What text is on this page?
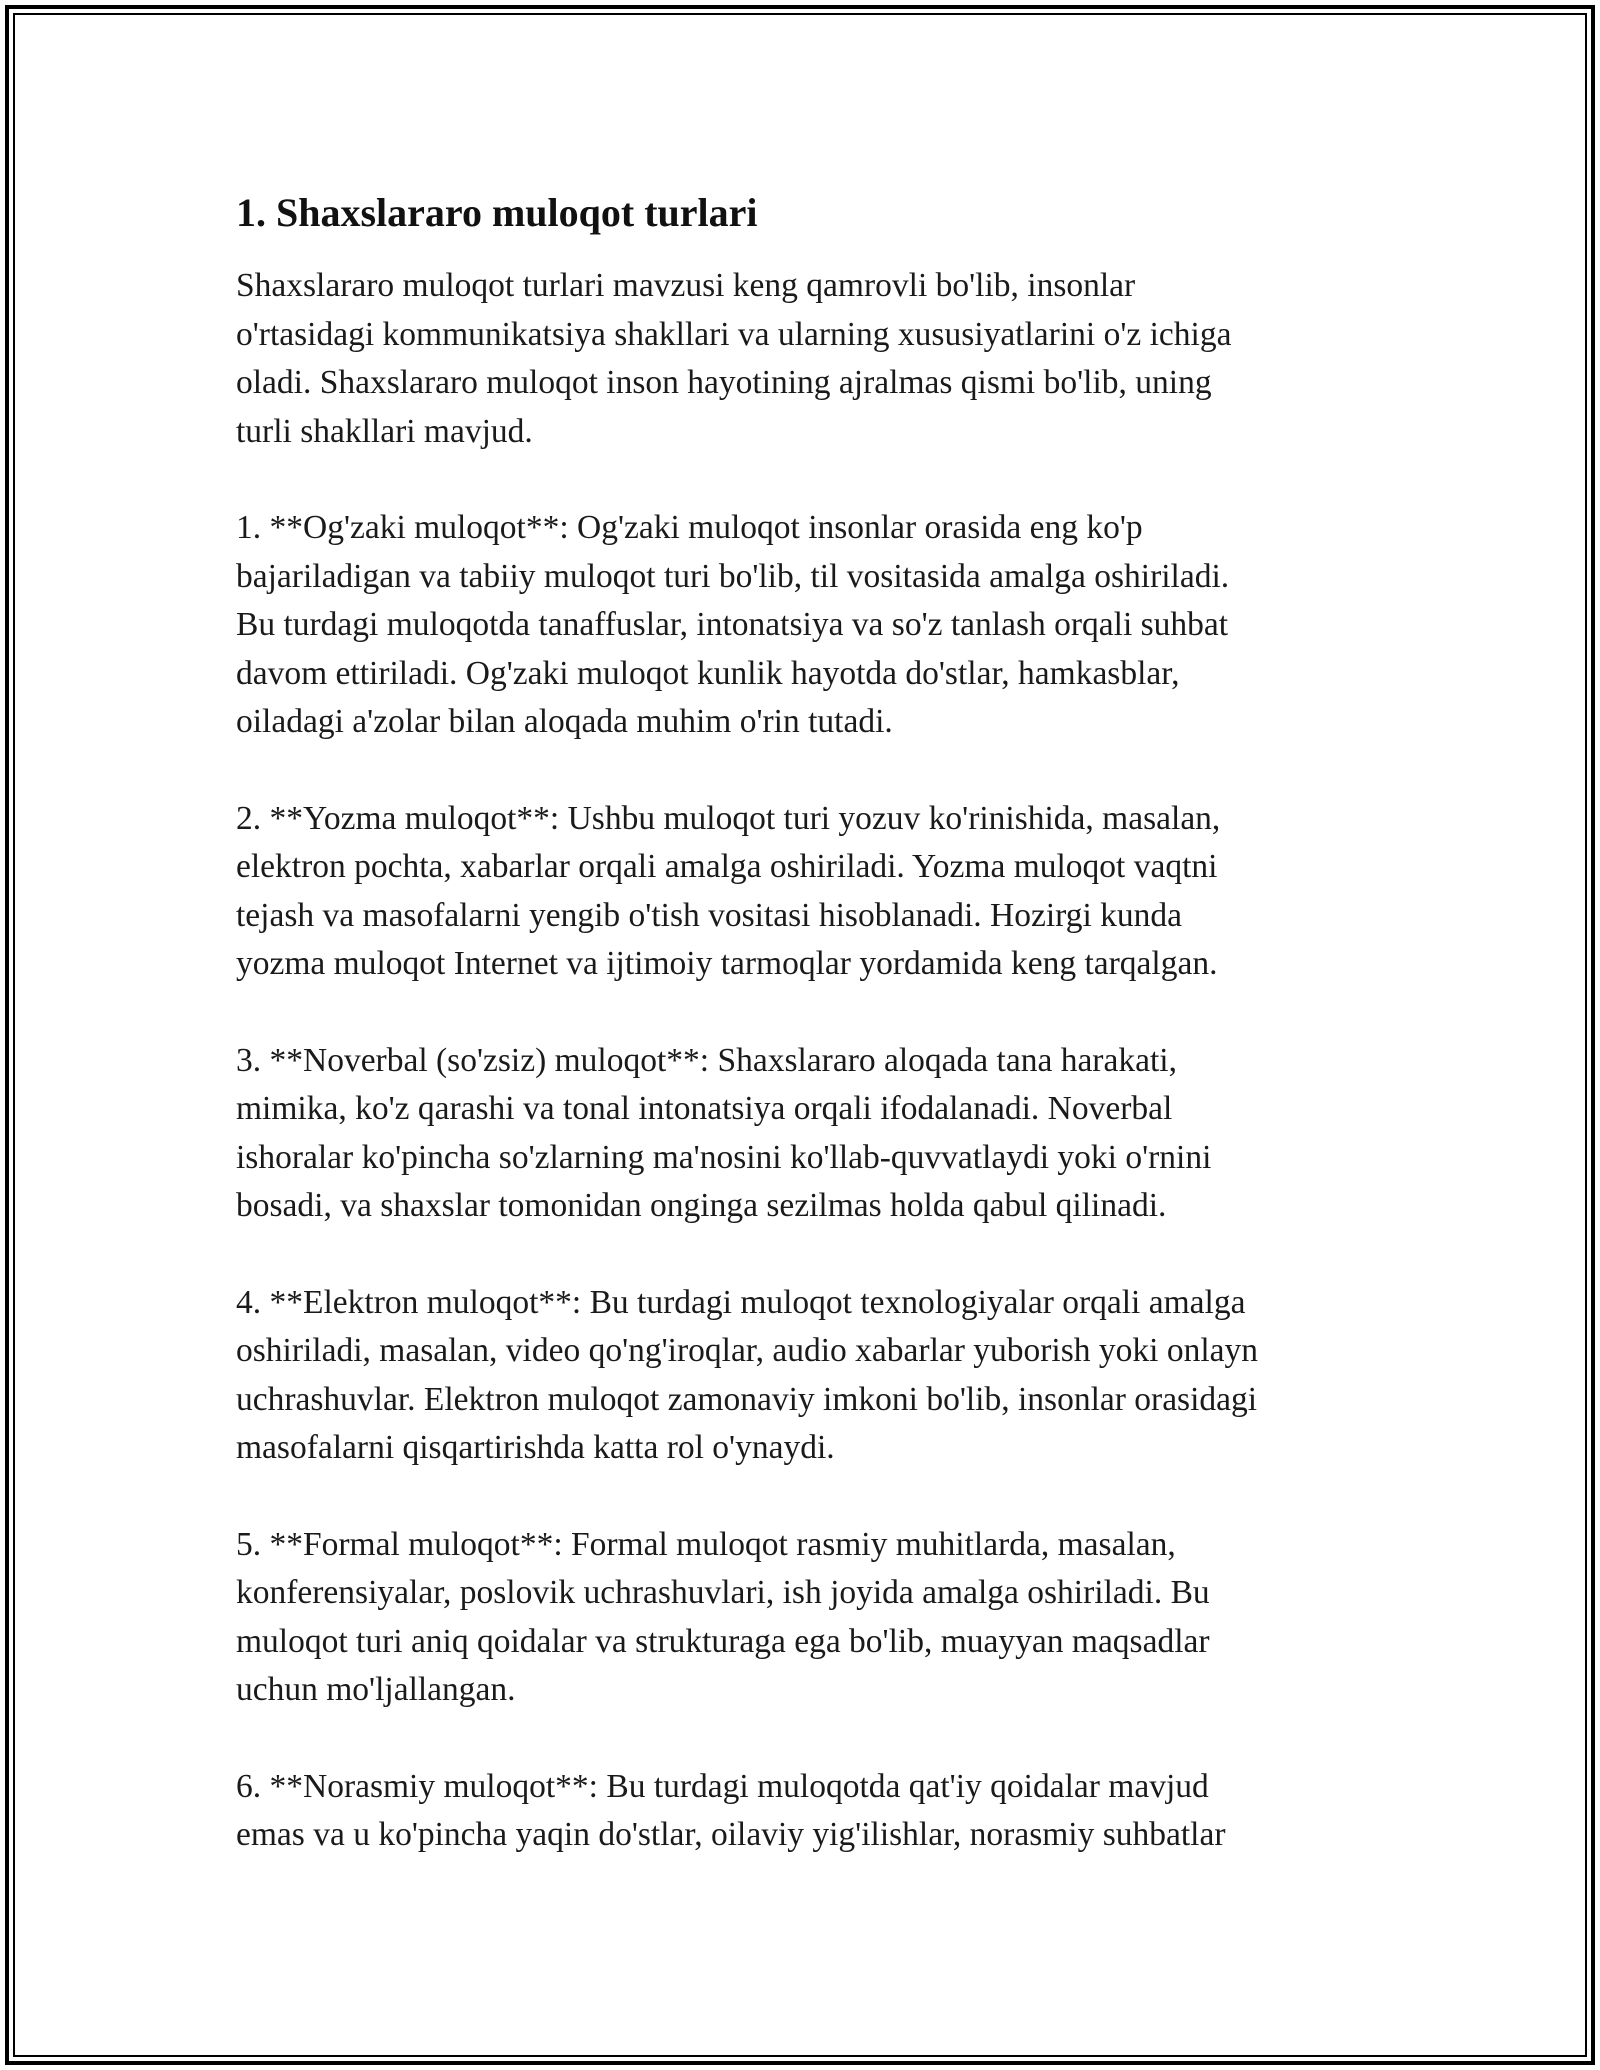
1. Shaxslararo muloqot turlari

Shaxslararo muloqot turlari mavzusi keng qamrovli bo'lib, insonlar
o'rtasidagi kommunikatsiya shakllari va ularning xususiyatlarini o'z ichiga
oladi. Shaxslararo muloqot inson hayotining ajralmas qismi bo'lib, uning
turli shakllari mavjud.

1. **Og'zaki muloqot**: Og'zaki muloqot insonlar orasida eng ko'p
bajariladigan va tabiiy muloqot turi bo'lib, til vositasida amalga oshiriladi.
Bu turdagi muloqotda tanaffuslar, intonatsiya va so'z tanlash orqali suhbat
davom ettiriladi. Og'zaki muloqot kunlik hayotda do'stlar, hamkasblar,
oiladagi a'zolar bilan aloqada muhim o'rin tutadi.

2. **Yozma muloqot**: Ushbu muloqot turi yozuv ko'rinishida, masalan,
elektron pochta, xabarlar orqali amalga oshiriladi. Yozma muloqot vaqtni
tejash va masofalarni yengib o'tish vositasi hisoblanadi. Hozirgi kunda
yozma muloqot Internet va ijtimoiy tarmoqlar yordamida keng tarqalgan.

3. **Noverbal (so'zsiz) muloqot**: Shaxslararo aloqada tana harakati,
mimika, ko'z qarashi va tonal intonatsiya orqali ifodalanadi. Noverbal
ishoralar ko'pincha so'zlarning ma'nosini ko'llab-quvvatlaydi yoki o'rnini
bosadi, va shaxslar tomonidan onginga sezilmas holda qabul qilinadi.

4. **Elektron muloqot**: Bu turdagi muloqot texnologiyalar orqali amalga
oshiriladi, masalan, video qo'ng'iroqlar, audio xabarlar yuborish yoki onlayn
uchrashuvlar. Elektron muloqot zamonaviy imkoni bo'lib, insonlar orasidagi
masofalarni qisqartirishda katta rol o'ynaydi.

5. **Formal muloqot**: Formal muloqot rasmiy muhitlarda, masalan,
konferensiyalar, poslovik uchrashuvlari, ish joyida amalga oshiriladi. Bu
muloqot turi aniq qoidalar va strukturaga ega bo'lib, muayyan maqsadlar
uchun mo'ljallangan.

6. **Norasmiy muloqot**: Bu turdagi muloqotda qat'iy qoidalar mavjud
emas va u ko'pincha yaqin do'stlar, oilaviy yig'ilishlar, norasmiy suhbatlar
